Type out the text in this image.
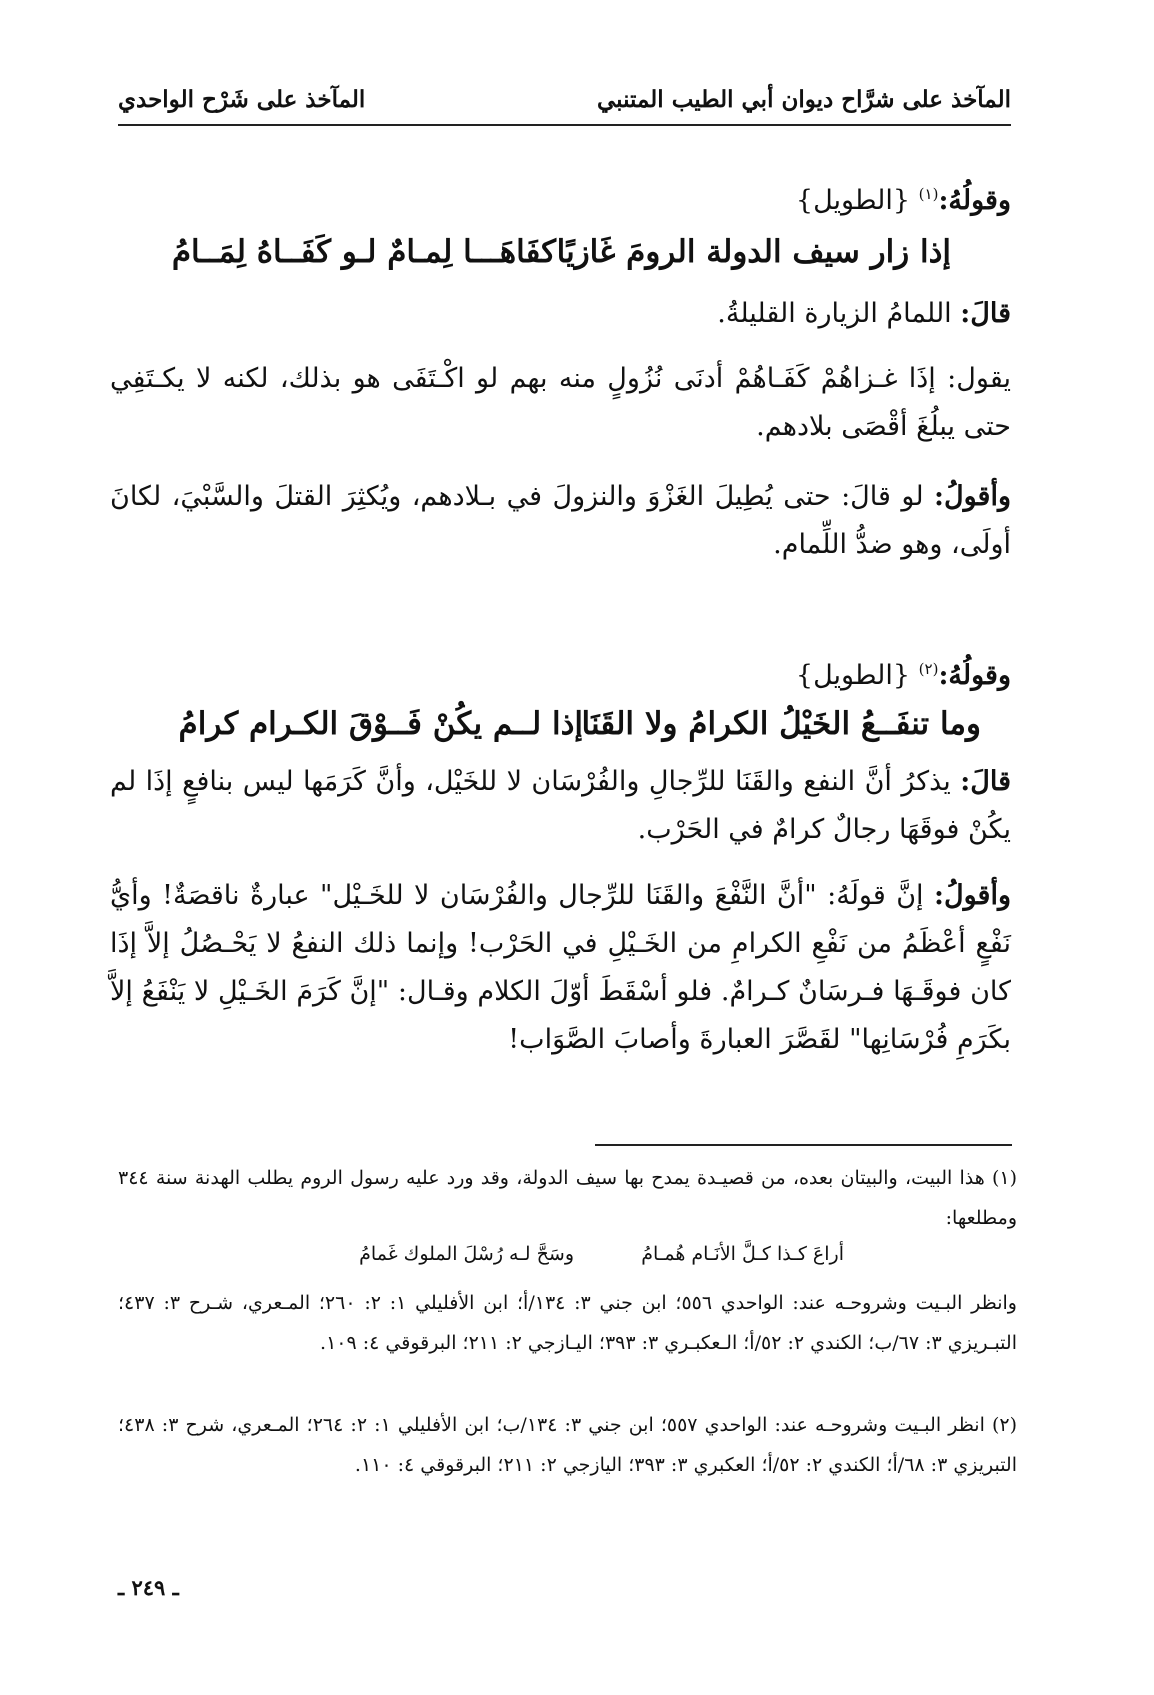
المآخذ على شرَّاح ديوان أبي الطيب المتنبي
المآخذ على شَرْح الواحدي
وقولُهُ:$^{(١)}$ {الطويل}
إذا زار سيف الدولة الرومَ غَازيًا
كفَاهَـــا لِمـامٌ لـو كَفَــاهُ لِمَــامُ
قالَ: اللمامُ الزيارة القليلةُ.

يقول: إذَا غـزاهُمْ كَفَـاهُمْ أدنَى نُزُولٍ منه بهم لو اكْـتَفَى هو بذلك، لكنه لا يكـتَفِي حتى يبلُغَ أقْصَى بلادهم.

وأقولُ: لو قالَ: حتى يُطِيلَ الغَزْوَ والنزولَ في بـلادهم، ويُكثِرَ القتلَ والسَّبْيَ، لكانَ أولَى، وهو ضدُّ اللِّمام.

وقولُهُ:$^{(٢)}$ {الطويل}
وما تنفَــعُ الخَيْلُ الكرامُ ولا القَنَا
إذا لــم يكُنْ فَــوْقَ الكـرام كرامُ

قالَ: يذكرُ أنَّ النفع والقَنَا للرِّجالِ والفُرْسَان لا للخَيْل، وأنَّ كَرَمَها ليس بنافعٍ إذَا لم يكُنْ فوقَهَا رجالٌ كرامٌ في الحَرْب.

وأقولُ: إنَّ قولَهُ: "أنَّ النَّفْعَ والقَنَا للرِّجال والفُرْسَان لا للخَـيْل" عبارةٌ ناقصَةٌ! وأيُّ نَفْعٍ أعْظَمُ من نَفْعِ الكرامِ من الخَـيْلِ في الحَرْب! وإنما ذلك النفعُ لا يَحْـصُلُ إلاَّ إذَا كان فوقَـهَا فـرسَانٌ كـرامٌ. فلو أسْقَطَ أوّلَ الكلام وقـال: "إنَّ كَرَمَ الخَـيْلِ لا يَنْفَعُ إلاَّ بكَرَمِ فُرْسَانِها" لقَصَّرَ العبارةَ وأصابَ الصَّوَاب!

(١) هذا البيت، والبيتان بعده، من قصيـدة يمدح بها سيف الدولة، وقد ورد عليه رسول الروم يطلب الهدنة سنة ٣٤٤ ومطلعها:

أراعَ كـذا كـلَّ الأنَـام هُمـامُ
وسَحَّ لـه رُسْلَ الملوك غَمامُ

وانظر البـيت وشروحـه عند: الواحدي ٥٥٦؛ ابن جني ٣: ١٣٤/أ؛ ابن الأفليلي ١: ٢: ٢٦٠؛ المـعري، شـرح ٣: ٤٣٧؛ التبـريزي ٣: ٦٧/ب؛ الكندي ٢: ٥٢/أ؛ الـعكبـري ٣: ٣٩٣؛ اليـازجي ٢: ٢١١؛ البرقوقي ٤: ١٠٩.

(٢) انظر البـيت وشروحـه عند: الواحدي ٥٥٧؛ ابن جني ٣: ١٣٤/ب؛ ابن الأفليلي ١: ٢: ٢٦٤؛ المـعري، شرح ٣: ٤٣٨؛ التبريزي ٣: ٦٨/أ؛ الكندي ٢: ٥٢/أ؛ العكبري ٣: ٣٩٣؛ اليازجي ٢: ٢١١؛ البرقوقي ٤: ١١٠.

ـ ٢٤٩ ـ
